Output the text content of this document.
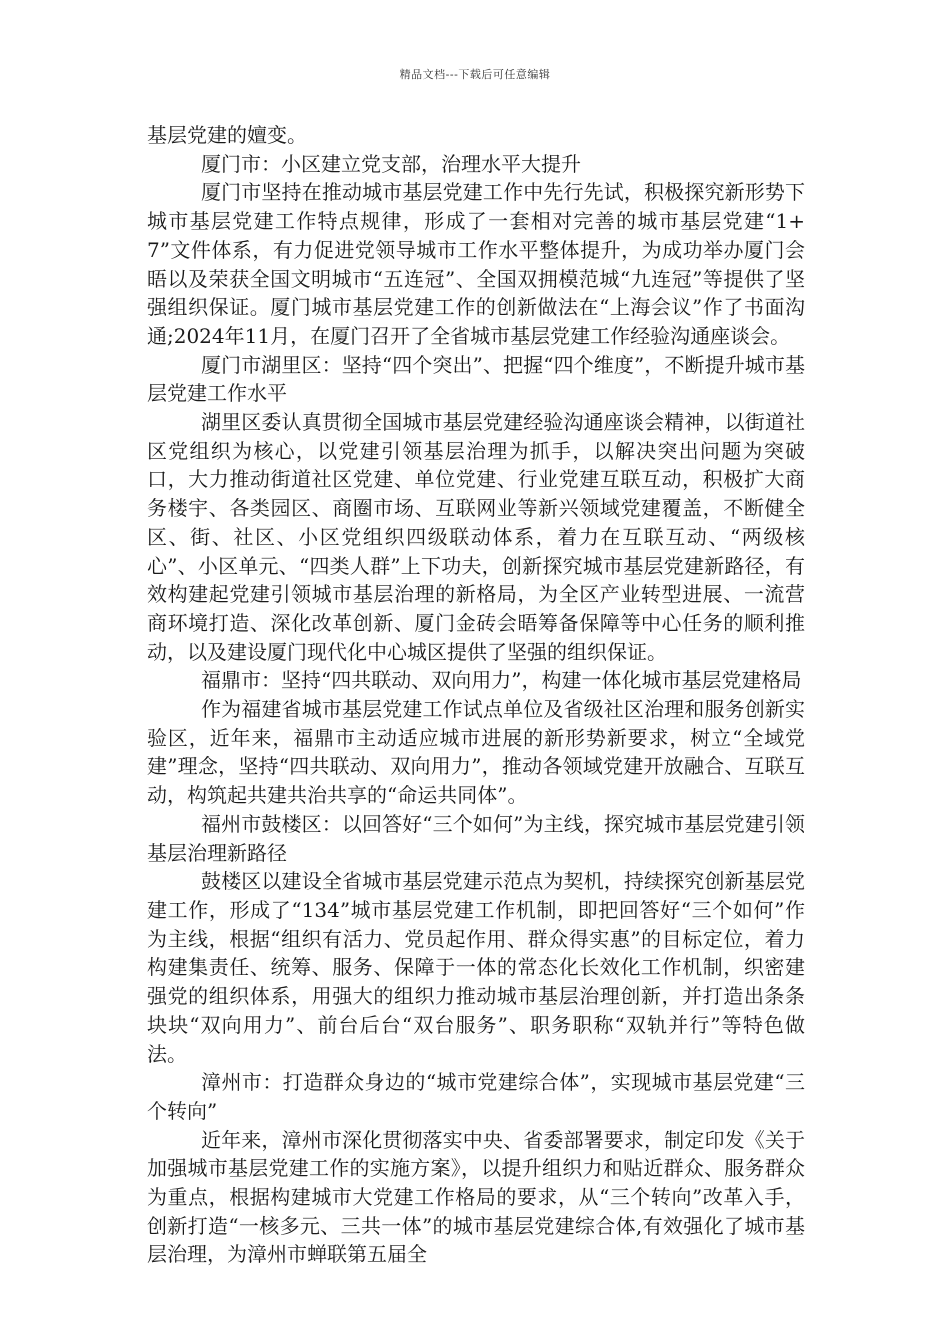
精品文档---下载后可任意编辑

基层党建的嬗变。

厦门市：小区建立党支部，治理水平大提升

厦门市坚持在推动城市基层党建工作中先行先试，积极探究新形势下城市基层党建工作特点规律，形成了一套相对完善的城市基层党建“1+7”文件体系，有力促进党领导城市工作水平整体提升，为成功举办厦门会晤以及荣获全国文明城市“五连冠”、全国双拥模范城“九连冠”等提供了坚强组织保证。厦门城市基层党建工作的创新做法在“上海会议”作了书面沟通;2024年11月，在厦门召开了全省城市基层党建工作经验沟通座谈会。

厦门市湖里区：坚持“四个突出”、把握“四个维度”，不断提升城市基层党建工作水平

湖里区委认真贯彻全国城市基层党建经验沟通座谈会精神，以街道社区党组织为核心，以党建引领基层治理为抓手，以解决突出问题为突破口，大力推动街道社区党建、单位党建、行业党建互联互动，积极扩大商务楼宇、各类园区、商圈市场、互联网业等新兴领域党建覆盖，不断健全区、街、社区、小区党组织四级联动体系，着力在互联互动、“两级核心”、小区单元、“四类人群”上下功夫，创新探究城市基层党建新路径，有效构建起党建引领城市基层治理的新格局，为全区产业转型进展、一流营商环境打造、深化改革创新、厦门金砖会晤筹备保障等中心任务的顺利推动，以及建设厦门现代化中心城区提供了坚强的组织保证。

福鼎市：坚持“四共联动、双向用力”，构建一体化城市基层党建格局

作为福建省城市基层党建工作试点单位及省级社区治理和服务创新实验区，近年来，福鼎市主动适应城市进展的新形势新要求，树立“全域党建”理念，坚持“四共联动、双向用力”，推动各领域党建开放融合、互联互动，构筑起共建共治共享的“命运共同体”。

福州市鼓楼区：以回答好“三个如何”为主线，探究城市基层党建引领基层治理新路径

鼓楼区以建设全省城市基层党建示范点为契机，持续探究创新基层党建工作，形成了“134”城市基层党建工作机制，即把回答好“三个如何”作为主线，根据“组织有活力、党员起作用、群众得实惠”的目标定位，着力构建集责任、统筹、服务、保障于一体的常态化长效化工作机制，织密建强党的组织体系，用强大的组织力推动城市基层治理创新，并打造出条条块块“双向用力”、前台后台“双台服务”、职务职称“双轨并行”等特色做法。

漳州市：打造群众身边的“城市党建综合体”，实现城市基层党建“三个转向”

近年来，漳州市深化贯彻落实中央、省委部署要求，制定印发《关于加强城市基层党建工作的实施方案》，以提升组织力和贴近群众、服务群众为重点，根据构建城市大党建工作格局的要求，从“三个转向”改革入手，创新打造“一核多元、三共一体”的城市基层党建综合体,有效强化了城市基层治理，为漳州市蝉联第五届全
